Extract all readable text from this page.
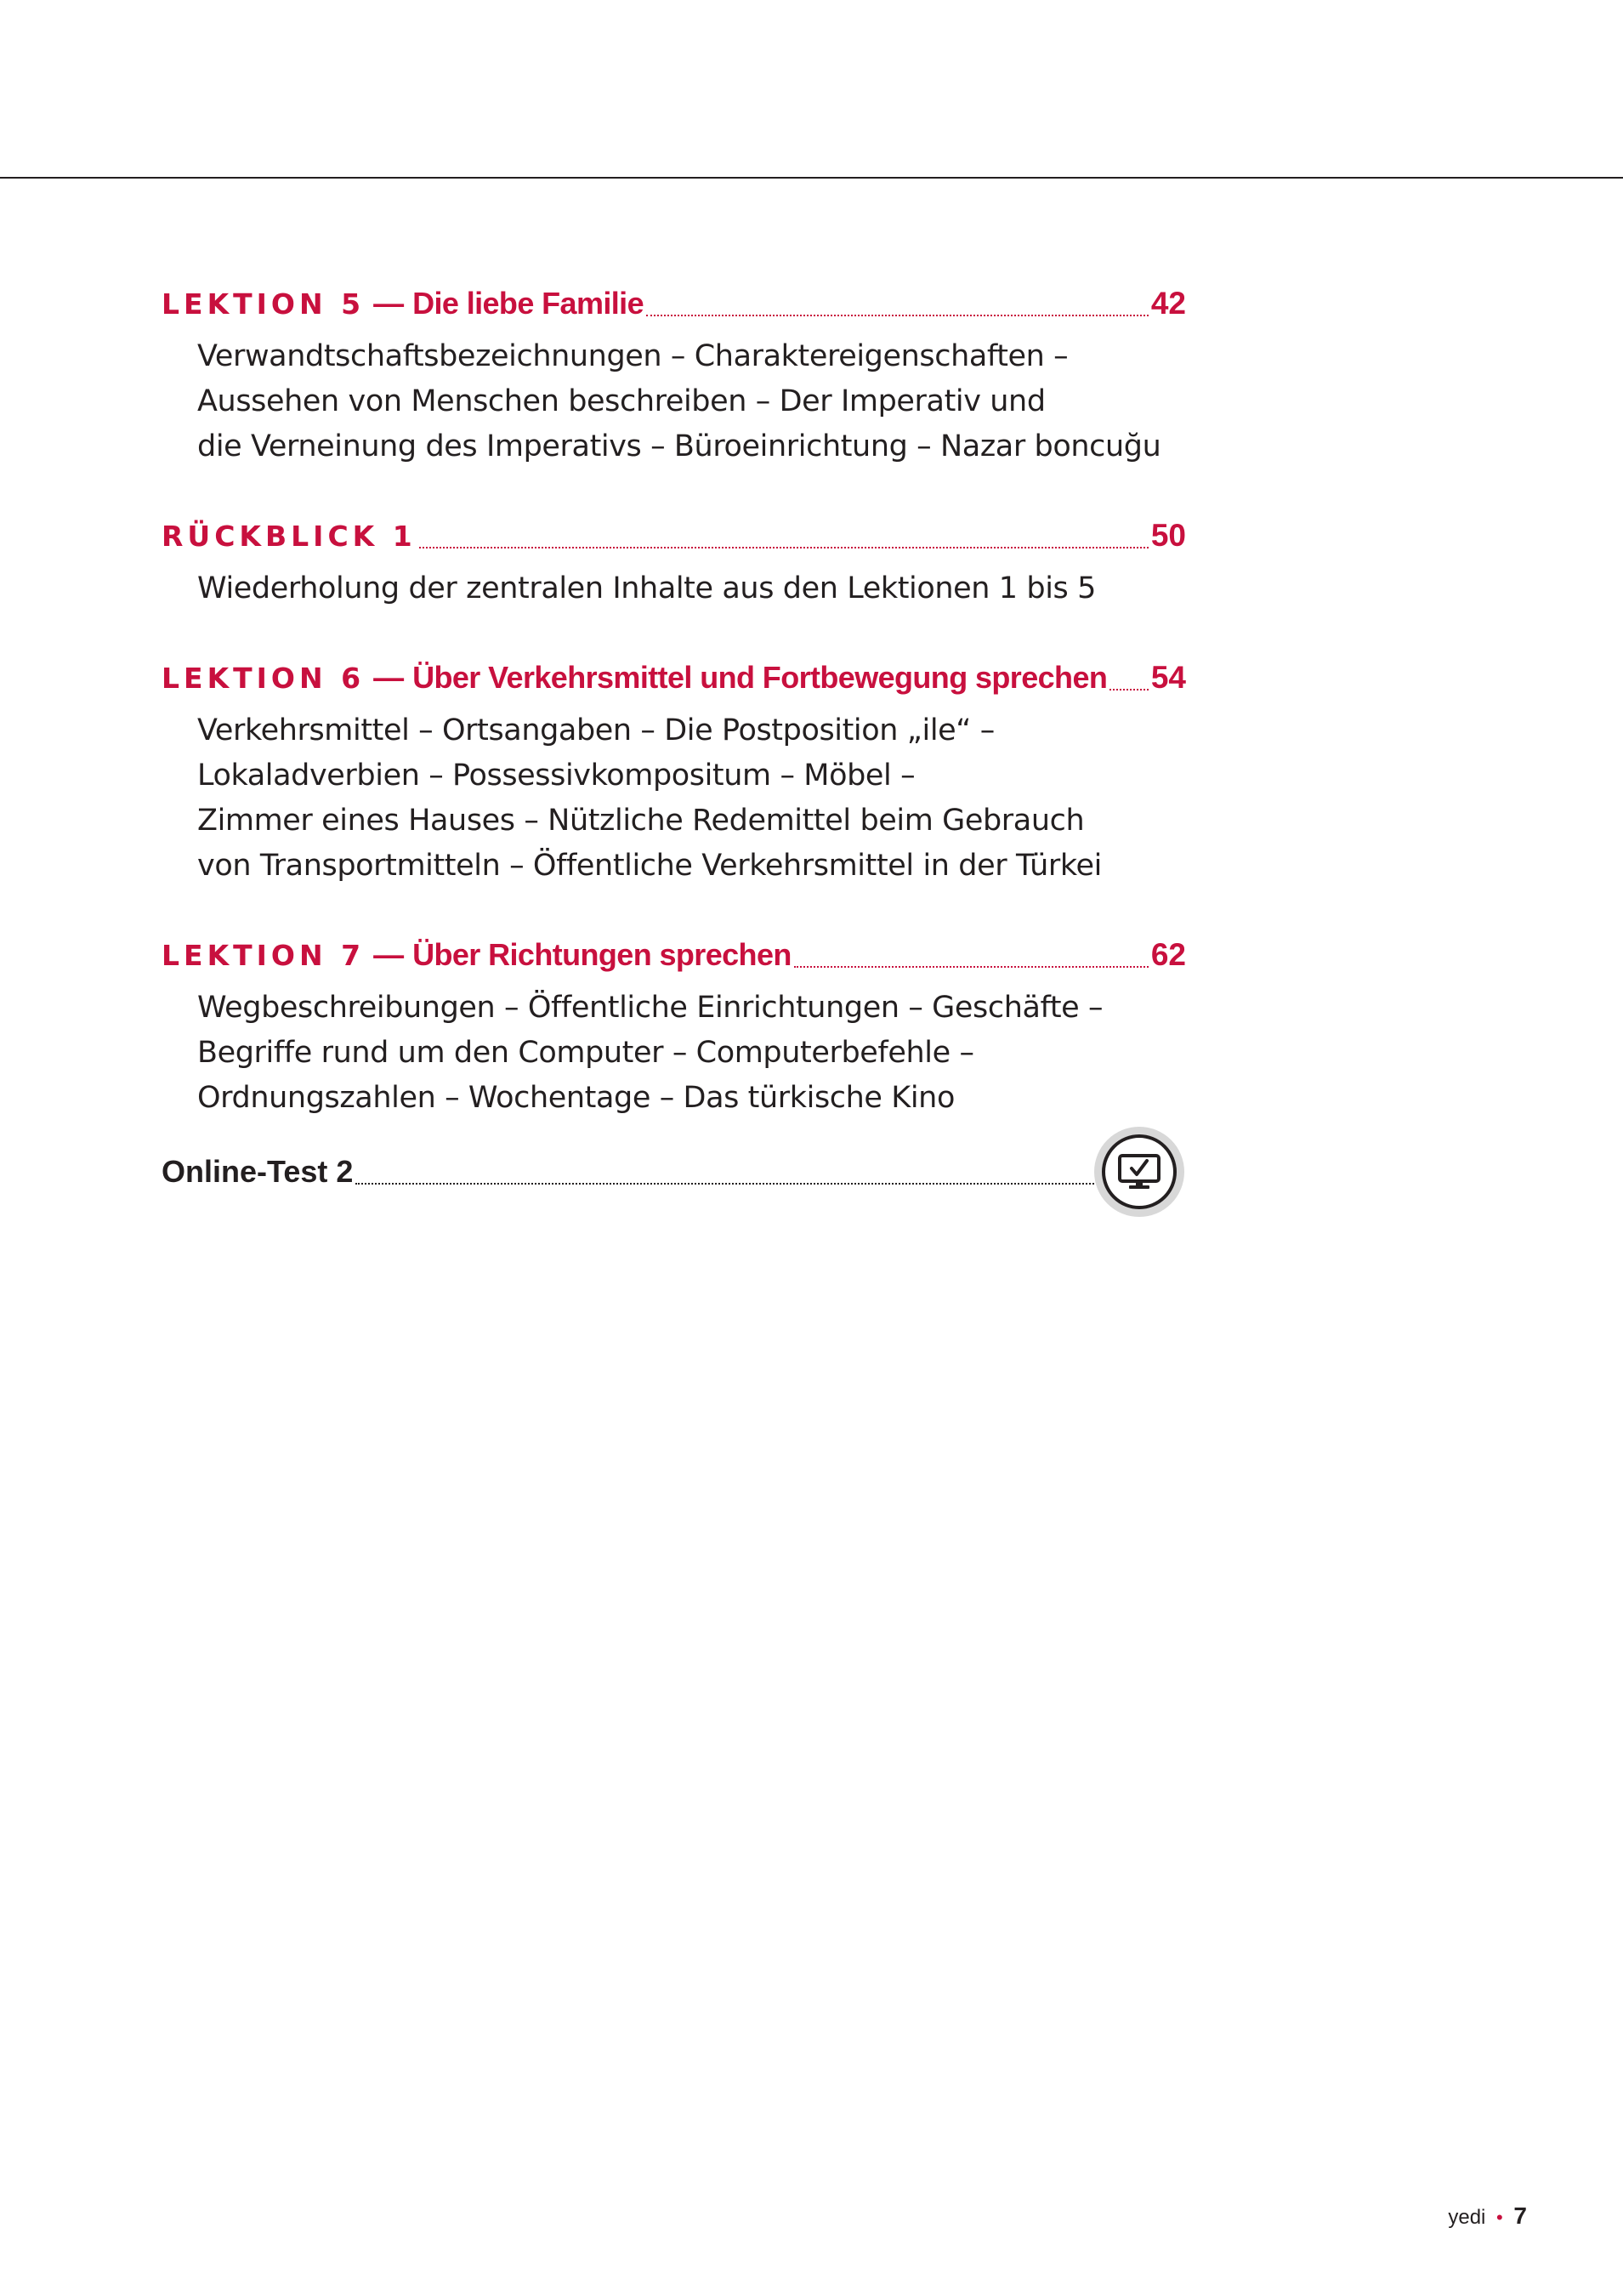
LEKTION 5 — Die liebe Familie	42
Verwandtschaftsbezeichnungen – Charaktereigenschaften –
Aussehen von Menschen beschreiben – Der Imperativ und
die Verneinung des Imperativs – Büroeinrichtung – Nazar boncuğu
RÜCKBLICK 1	50
Wiederholung der zentralen Inhalte aus den Lektionen 1 bis 5
LEKTION 6 — Über Verkehrsmittel und Fortbewegung sprechen 54
Verkehrsmittel – Ortsangaben – Die Postposition „ile“ –
Lokaladverbien – Possessivkompositum – Möbel –
Zimmer eines Hauses – Nützliche Redemittel beim Gebrauch
von Transportmitteln – Öffentliche Verkehrsmittel in der Türkei
LEKTION 7 — Über Richtungen sprechen	62
Wegbeschreibungen – Öffentliche Einrichtungen – Geschäfte –
Begriffe rund um den Computer – Computerbefehle –
Ordnungszahlen – Wochentage – Das türkische Kino
Online-Test 2
yedi • 7
